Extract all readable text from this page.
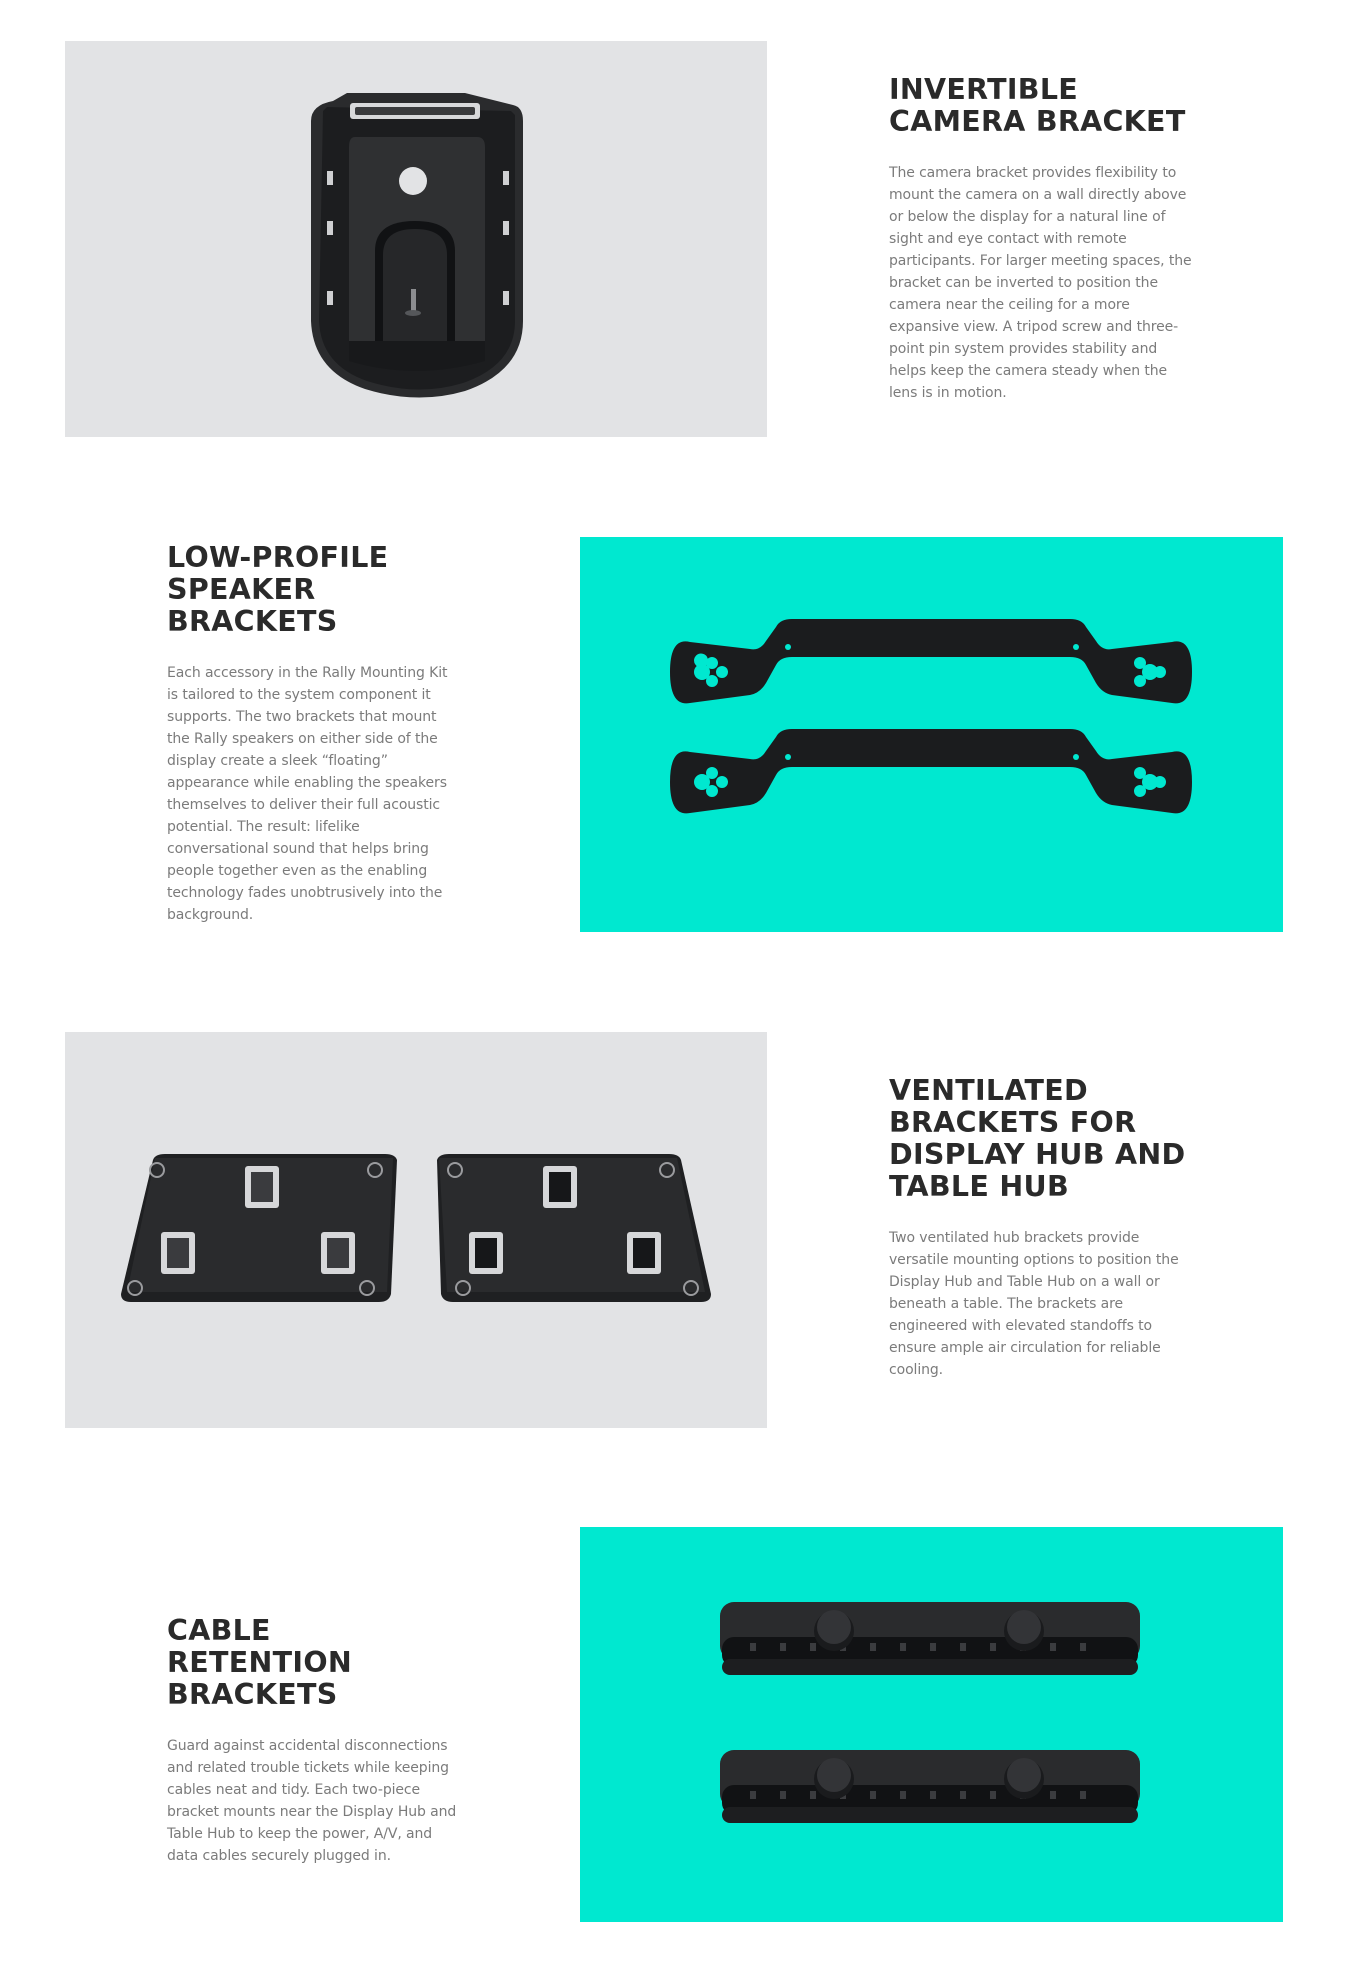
INVERTIBLE
CAMERA BRACKET

The camera bracket provides flexibility to mount the camera on a wall directly above or below the display for a natural line of sight and eye contact with remote participants. For larger meeting spaces, the bracket can be inverted to position the camera near the ceiling for a more expansive view. A tripod screw and three-point pin system provides stability and helps keep the camera steady when the lens is in motion.

LOW-PROFILE
SPEAKER
BRACKETS

Each accessory in the Rally Mounting Kit is tailored to the system component it supports. The two brackets that mount the Rally speakers on either side of the display create a sleek “floating” appearance while enabling the speakers themselves to deliver their full acoustic potential. The result: lifelike conversational sound that helps bring people together even as the enabling technology fades unobtrusively into the background.

VENTILATED
BRACKETS FOR
DISPLAY HUB AND
TABLE HUB

Two ventilated hub brackets provide versatile mounting options to position the Display Hub and Table Hub on a wall or beneath a table. The brackets are engineered with elevated standoffs to ensure ample air circulation for reliable cooling.

CABLE RETENTION
BRACKETS

Guard against accidental disconnections and related trouble tickets while keeping cables neat and tidy. Each two-piece bracket mounts near the Display Hub and Table Hub to keep the power, A/V, and data cables securely plugged in.
